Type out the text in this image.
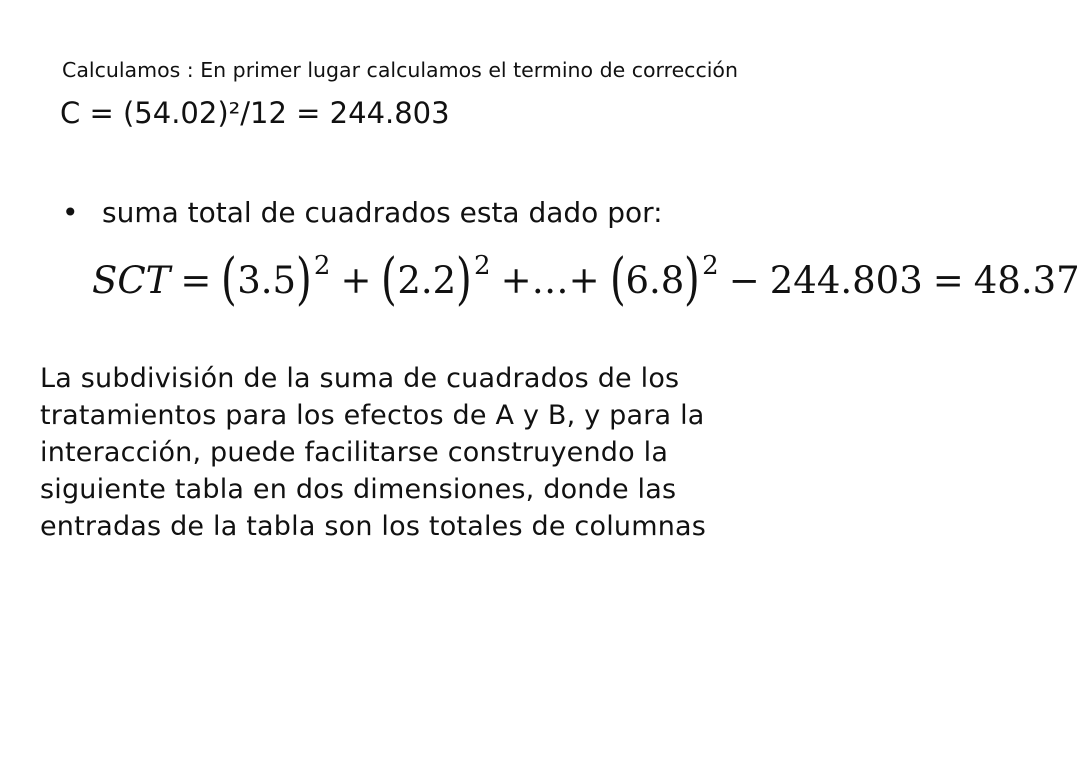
Calculamos : En primer lugar calculamos el termino de corrección
C = (54.02)²/12 = 244.803
• suma total de cuadrados esta dado por:
SCT = ( 3.5 )$^2$ + ( 2.2 )$^2$ +…+ ( 6.8 )$^2$ − 244.803 = 48.37
La subdivisión de la suma de cuadrados de los
tratamientos para los efectos de A y B, y para la
interacción, puede facilitarse construyendo la
siguiente tabla en dos dimensiones, donde las
entradas de la tabla son los totales de columnas
